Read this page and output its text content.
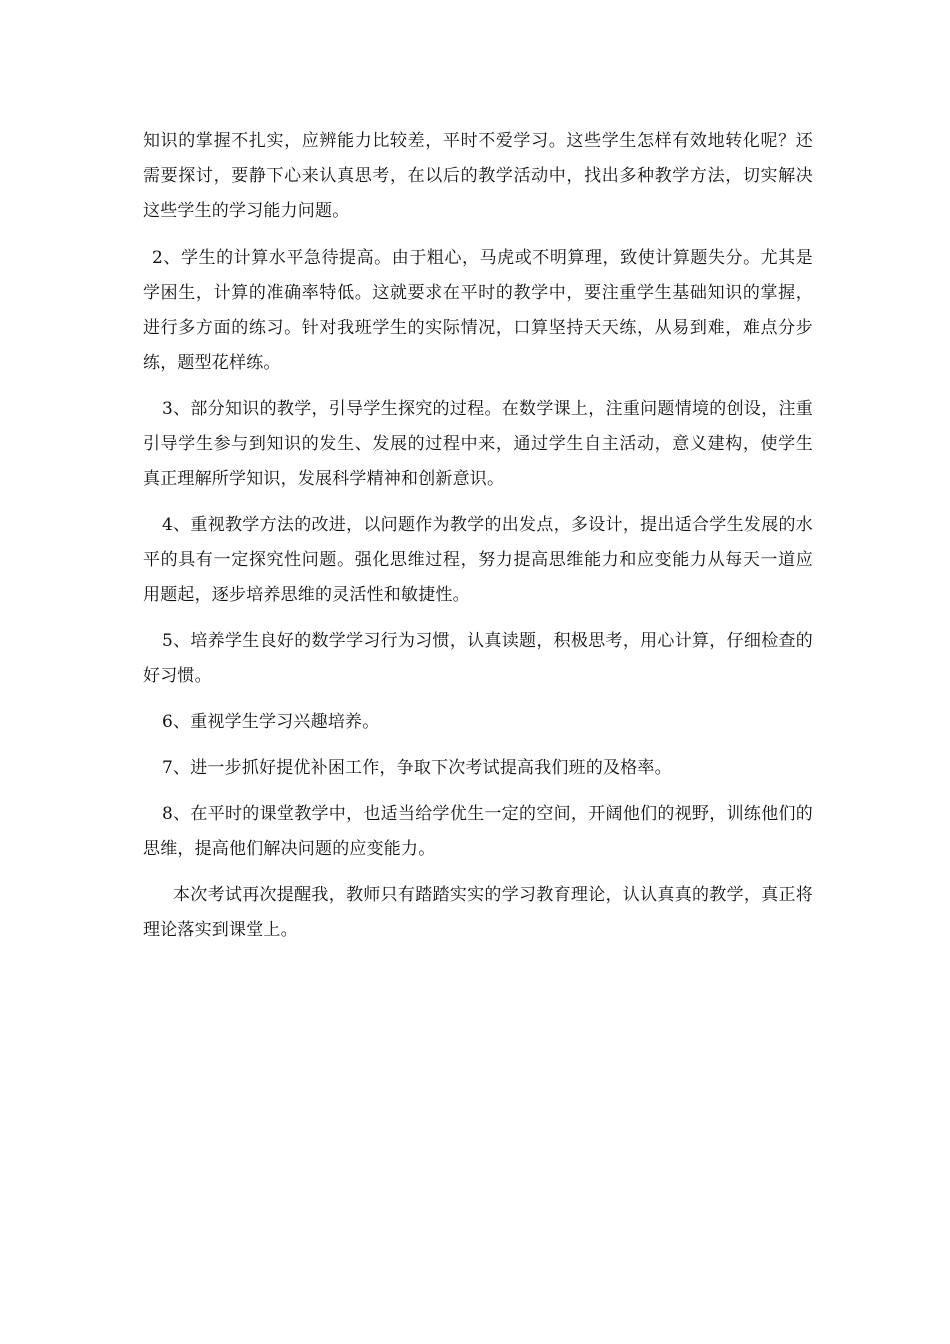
知识的掌握不扎实，应辨能力比较差，平时不爱学习。这些学生怎样有效地转化呢？还需要探讨，要静下心来认真思考，在以后的教学活动中，找出多种教学方法，切实解决这些学生的学习能力问题。

2、学生的计算水平急待提高。由于粗心，马虎或不明算理，致使计算题失分。尤其是学困生，计算的准确率特低。这就要求在平时的教学中，要注重学生基础知识的掌握，进行多方面的练习。针对我班学生的实际情况，口算坚持天天练，从易到难，难点分步练，题型花样练。

3、部分知识的教学，引导学生探究的过程。在数学课上，注重问题情境的创设，注重引导学生参与到知识的发生、发展的过程中来，通过学生自主活动，意义建构，使学生真正理解所学知识，发展科学精神和创新意识。

4、重视教学方法的改进，以问题作为教学的出发点，多设计，提出适合学生发展的水平的具有一定探究性问题。强化思维过程，努力提高思维能力和应变能力从每天一道应用题起，逐步培养思维的灵活性和敏捷性。

5、培养学生良好的数学学习行为习惯，认真读题，积极思考，用心计算，仔细检查的好习惯。

6、重视学生学习兴趣培养。

7、进一步抓好提优补困工作，争取下次考试提高我们班的及格率。

8、在平时的课堂教学中，也适当给学优生一定的空间，开阔他们的视野，训练他们的思维，提高他们解决问题的应变能力。

本次考试再次提醒我，教师只有踏踏实实的学习教育理论，认认真真的教学，真正将理论落实到课堂上。
